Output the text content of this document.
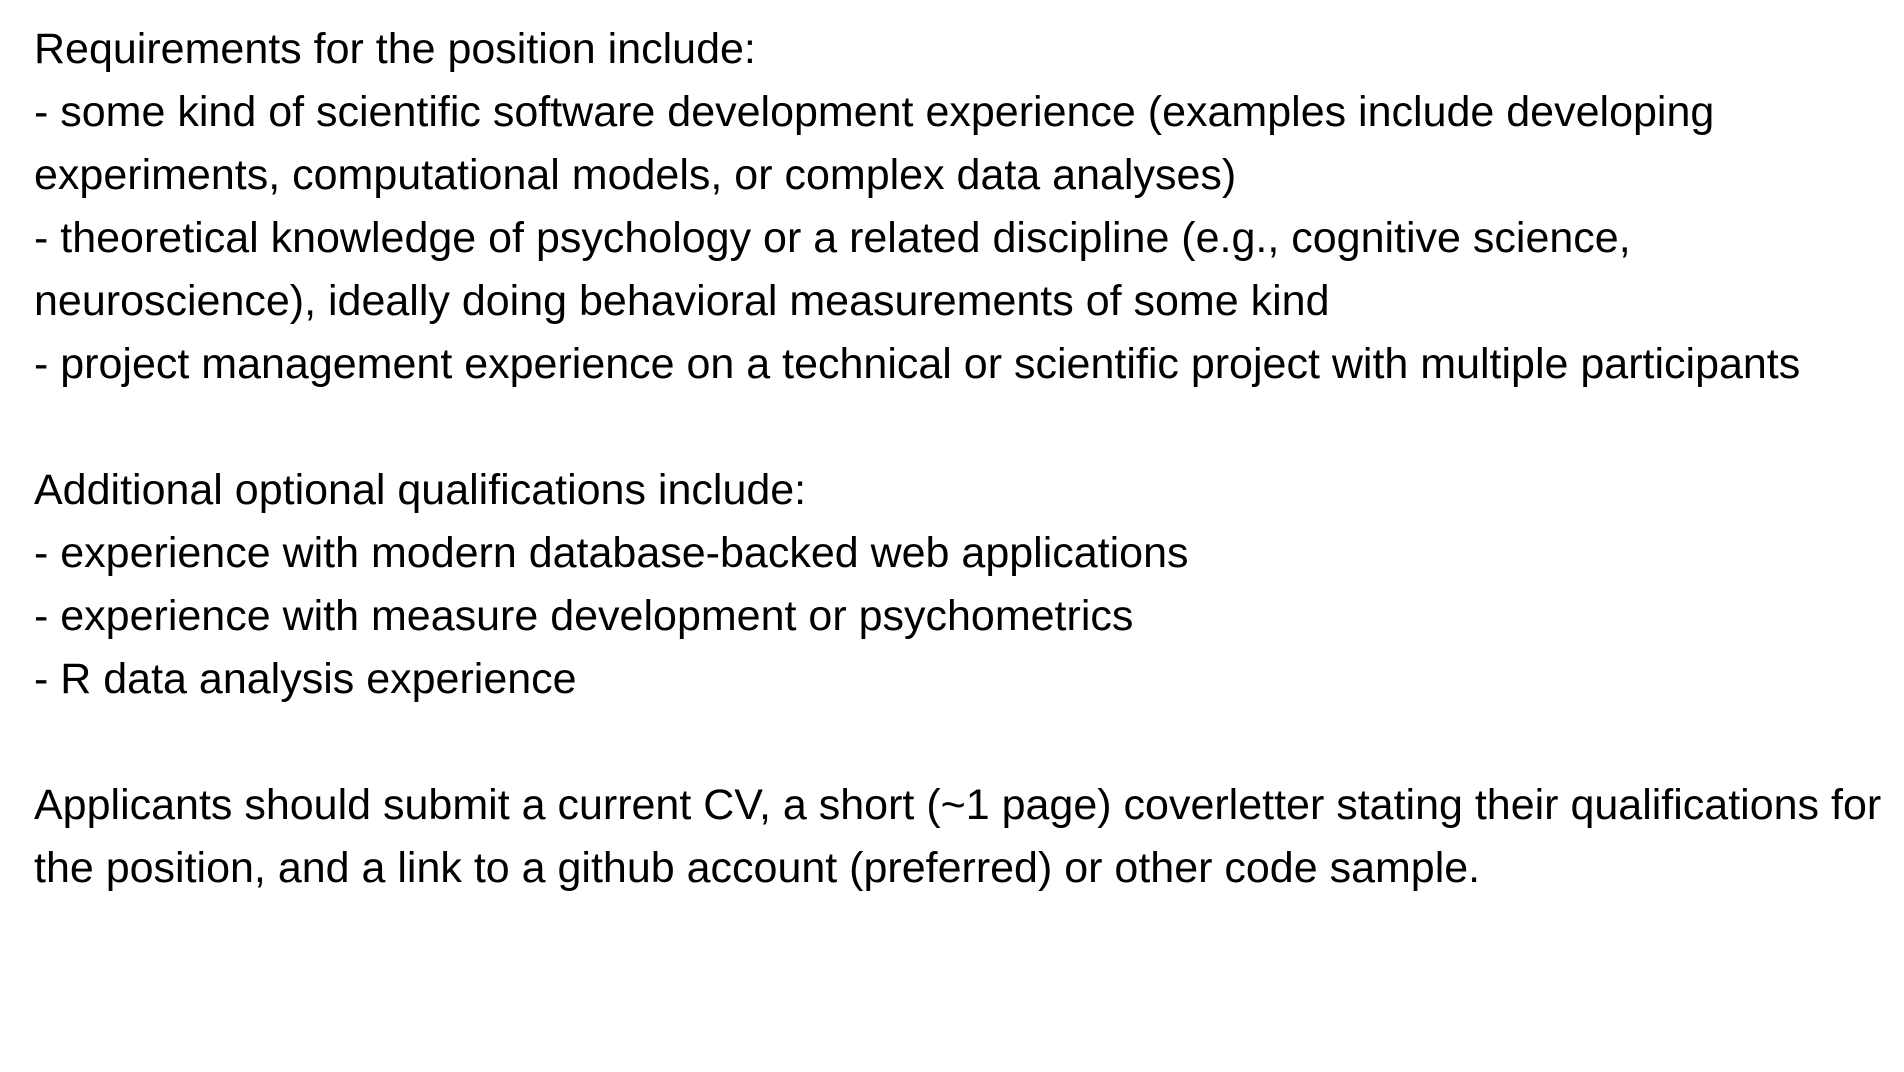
Requirements for the position include:

- some kind of scientific software development experience (examples include developing experiments, computational models, or complex data analyses)
- theoretical knowledge of psychology or a related discipline (e.g., cognitive science, neuroscience), ideally doing behavioral measurements of some kind
- project management experience on a technical or scientific project with multiple participants

Additional optional qualifications include:

- experience with modern database-backed web applications
- experience with measure development or psychometrics
- R data analysis experience

Applicants should submit a current CV, a short (~1 page) coverletter stating their qualifications for the position, and a link to a github account (preferred) or other code sample.
